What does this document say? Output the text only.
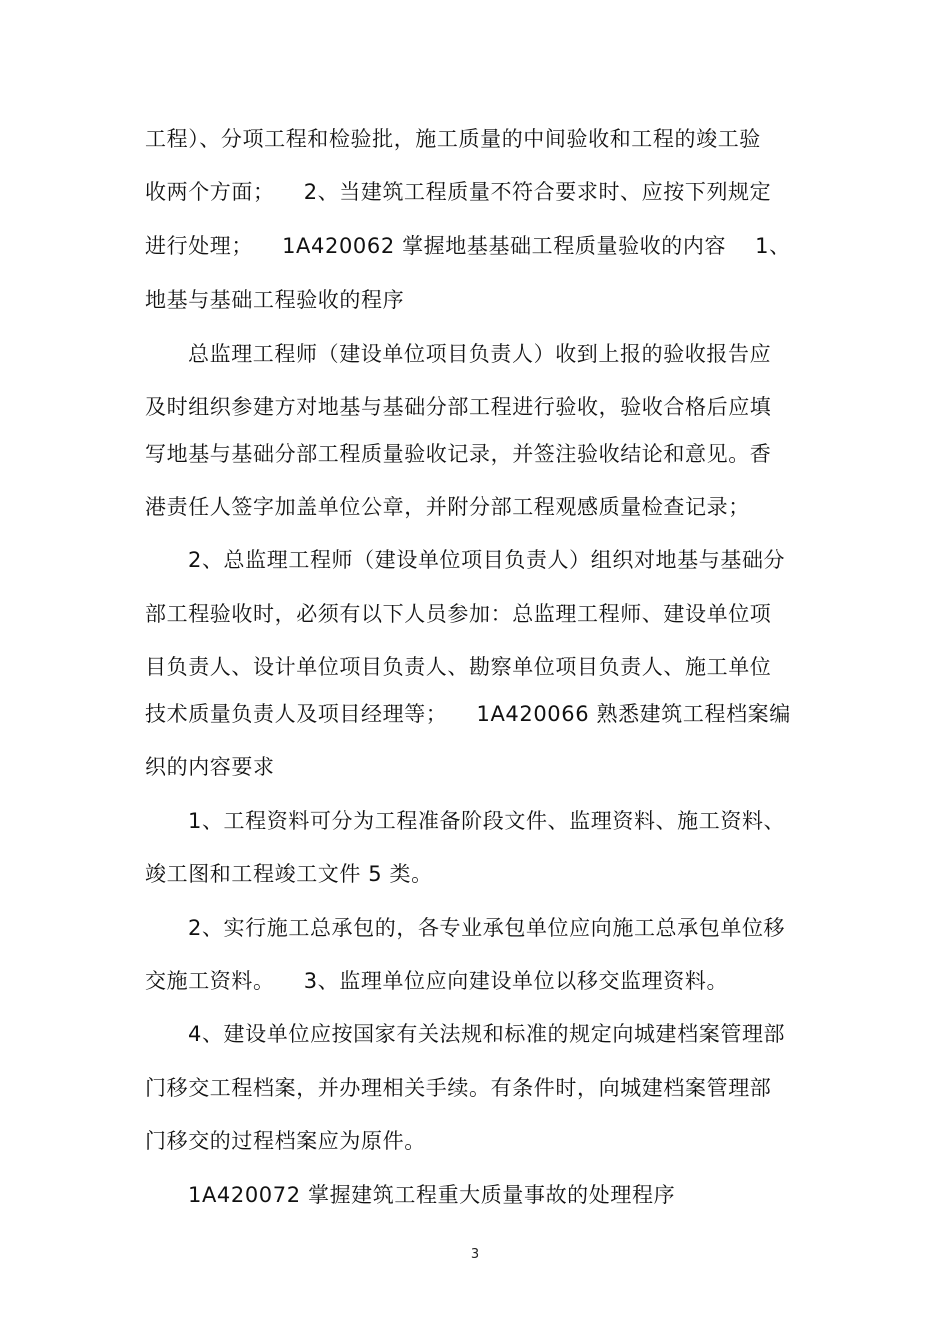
工程）、分项工程和检验批，施工质量的中间验收和工程的竣工验
收两个方面；    2、当建筑工程质量不符合要求时、应按下列规定
进行处理；    1A420062 掌握地基基础工程质量验收的内容    1、
地基与基础工程验收的程序
总监理工程师（建设单位项目负责人）收到上报的验收报告应
及时组织参建方对地基与基础分部工程进行验收，验收合格后应填
写地基与基础分部工程质量验收记录，并签注验收结论和意见。香
港责任人签字加盖单位公章，并附分部工程观感质量检查记录；
2、总监理工程师（建设单位项目负责人）组织对地基与基础分
部工程验收时，必须有以下人员参加：总监理工程师、建设单位项
目负责人、设计单位项目负责人、勘察单位项目负责人、施工单位
技术质量负责人及项目经理等；    1A420066 熟悉建筑工程档案编
织的内容要求
1、工程资料可分为工程准备阶段文件、监理资料、施工资料、
竣工图和工程竣工文件 5 类。
2、实行施工总承包的，各专业承包单位应向施工总承包单位移
交施工资料。    3、监理单位应向建设单位以移交监理资料。
4、建设单位应按国家有关法规和标准的规定向城建档案管理部
门移交工程档案，并办理相关手续。有条件时，向城建档案管理部
门移交的过程档案应为原件。
1A420072 掌握建筑工程重大质量事故的处理程序
3
